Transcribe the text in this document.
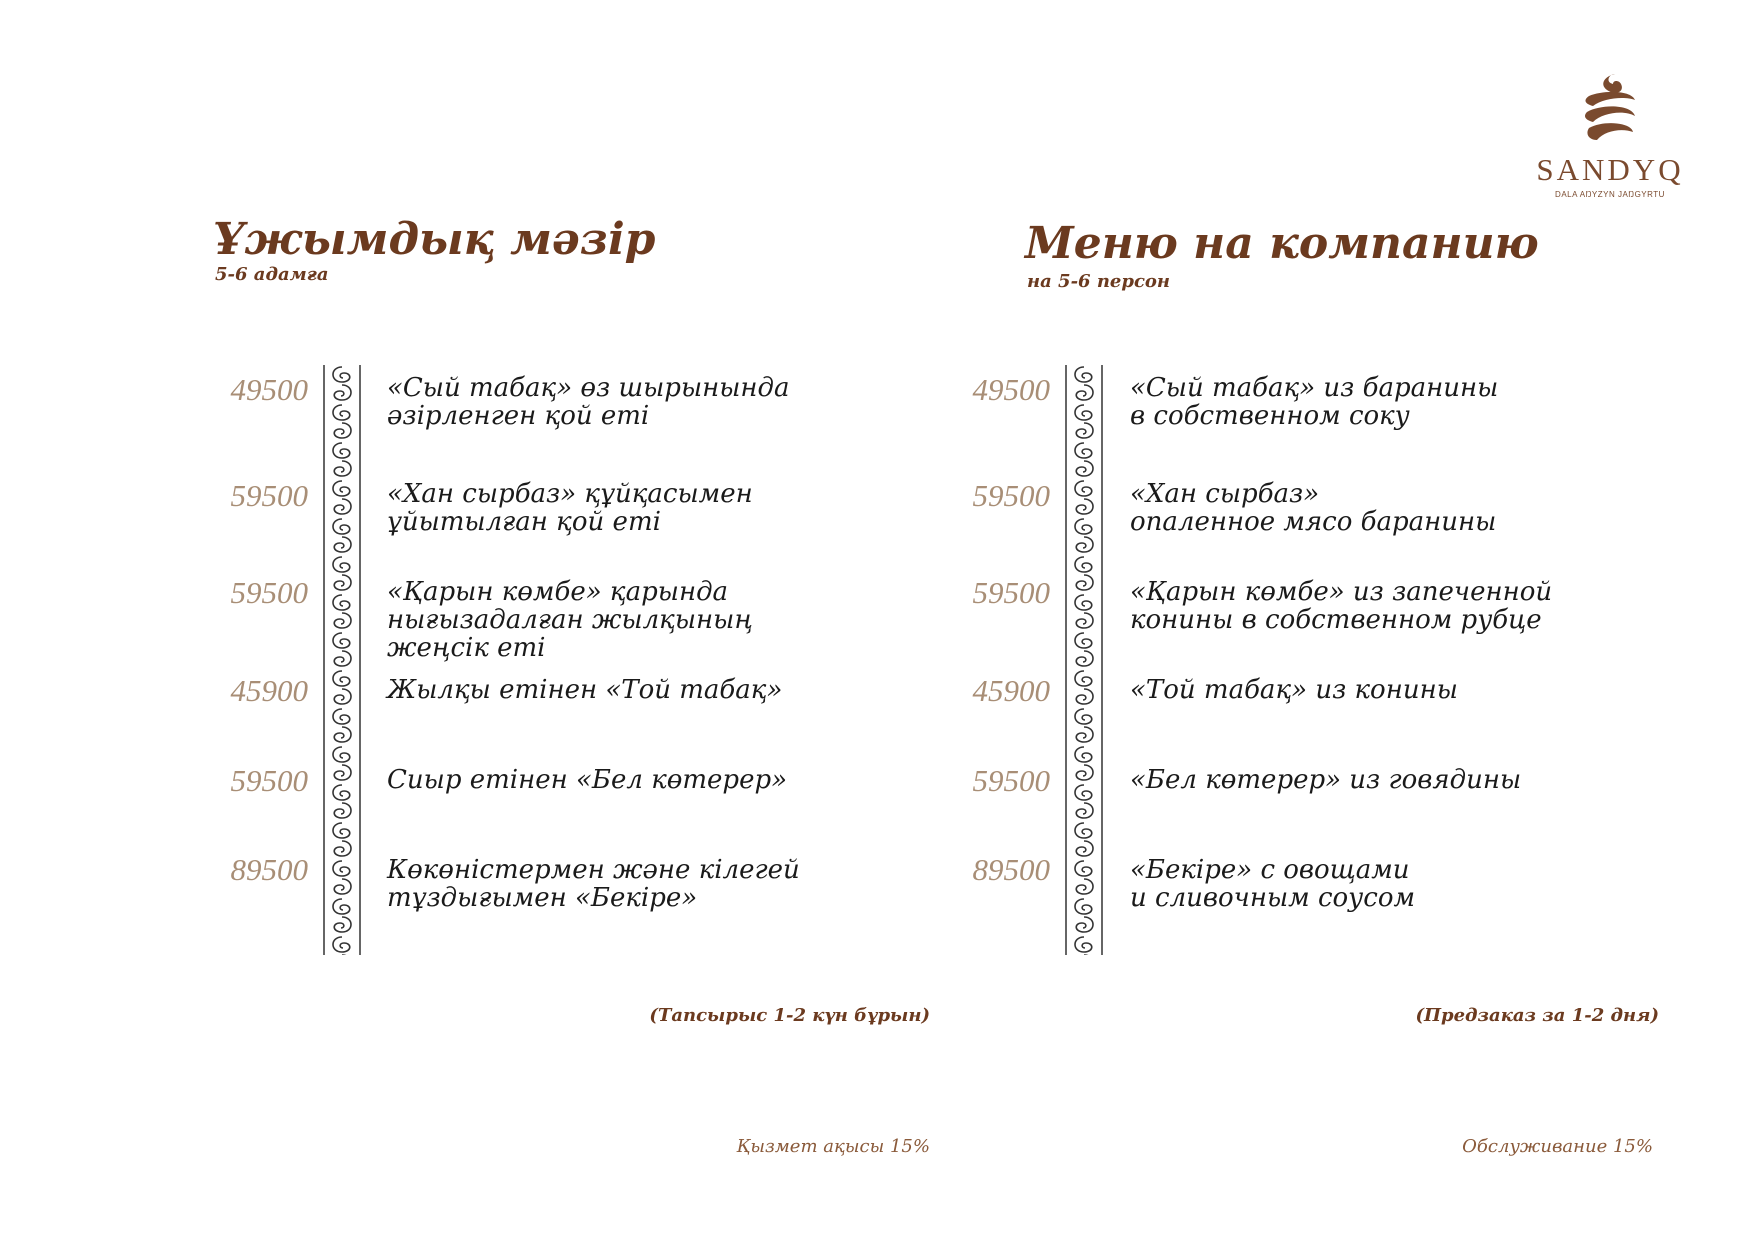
SANDYQ
DALA AŊYZYN JAŊGYRTU
Ұжымдық мәзір
5-6 адамға
Меню на компанию
на 5-6 персон
49500	«Сый табақ» өз шырынында
әзірленген қой еті
59500	«Хан сырбаз» құйқасымен
ұйытылған қой еті
59500	«Қарын көмбе» қарында
нығызадалған жылқының
жеңсік еті
45900	Жылқы етінен «Той табақ»
59500	Сиыр етінен «Бел көтерер»
89500	Көкөністермен және кілегей
тұздығымен «Бекіре»
49500	«Сый табақ» из баранины
в собственном соку
59500	«Хан сырбаз»
опаленное мясо баранины
59500	«Қарын көмбе» из запеченной
конины в собственном рубце
45900	«Той табақ» из конины
59500	«Бел көтерер» из говядины
89500	«Бекіре» с овощами
и сливочным соусом
(Тапсырыс 1-2 күн бұрын)	(Предзаказ за 1-2 дня)
Қызмет ақысы 15%	Обслуживание 15%
